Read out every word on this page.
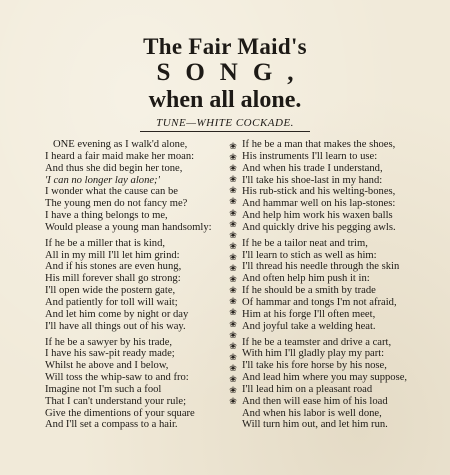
The Fair Maid's
SONG,
when all alone.
TUNE—WHITE COCKADE.
ONE evening as I walk'd alone,
I heard a fair maid make her moan:
And thus she did begin her tone,
'I can no longer lay alone;'
I wonder what the cause can be
The young men do not fancy me?
I have a thing belongs to me,
Would please a young man handsomly:
If he be a miller that is kind,
All in my mill I'll let him grind:
And if his stones are even hung,
His mill forever shall go strong:
I'll open wide the postern gate,
And patiently for toll will wait;
And let him come by night or day
I'll have all things out of his way.
If he be a sawyer by his trade,
I have his saw-pit ready made;
Whilst he above and I below,
Will toss the whip-saw to and fro:
Imagine not I'm such a fool
That I can't understand your rule;
Give the dimentions of your square
And I'll set a compass to a hair.
❀
❀
❀
❀
❀
❀
❀
❀
❀
❀
❀
❀
❀
❀
❀
❀
❀
❀
❀
❀
❀
❀
❀
❀
If he be a man that makes the shoes,
His instruments I'll learn to use:
And when his trade I understand,
I'll take his shoe-last in my hand:
His rub-stick and his welting-bones,
And hammar well on his lap-stones:
And help him work his waxen balls
And quickly drive his pegging awls.
If he be a tailor neat and trim,
I'll learn to stich as well as him:
I'll thread his needle through the skin
And often help him push it in:
If he should be a smith by trade
Of hammar and tongs I'm not afraid,
Him at his forge I'll often meet,
And joyful take a welding heat.
If he be a teamster and drive a cart,
With him I'll gladly play my part:
I'll take his fore horse by his nose,
And lead him where you may suppose,
I'll lead him on a pleasant road
And then will ease him of his load
And when his labor is well done,
Will turn him out, and let him run.
